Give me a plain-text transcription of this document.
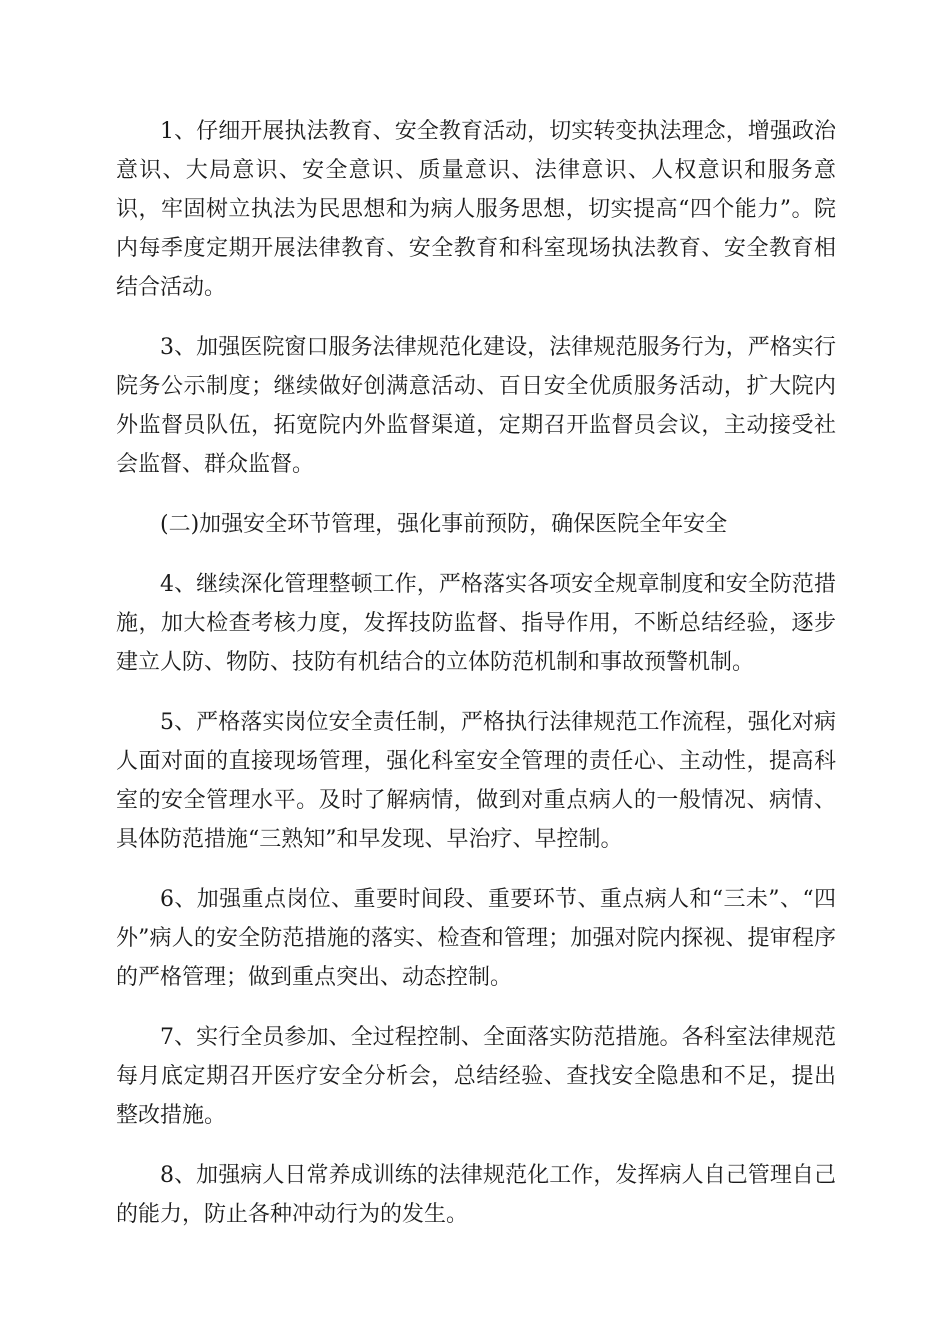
1、仔细开展执法教育、安全教育活动，切实转变执法理念，增强政治意识、大局意识、安全意识、质量意识、法律意识、人权意识和服务意识，牢固树立执法为民思想和为病人服务思想，切实提高“四个能力”。院内每季度定期开展法律教育、安全教育和科室现场执法教育、安全教育相结合活动。

3、加强医院窗口服务法律规范化建设，法律规范服务行为，严格实行院务公示制度；继续做好创满意活动、百日安全优质服务活动，扩大院内外监督员队伍，拓宽院内外监督渠道，定期召开监督员会议，主动接受社会监督、群众监督。

(二)加强安全环节管理，强化事前预防，确保医院全年安全

4、继续深化管理整顿工作，严格落实各项安全规章制度和安全防范措施，加大检查考核力度，发挥技防监督、指导作用，不断总结经验，逐步建立人防、物防、技防有机结合的立体防范机制和事故预警机制。

5、严格落实岗位安全责任制，严格执行法律规范工作流程，强化对病人面对面的直接现场管理，强化科室安全管理的责任心、主动性，提高科室的安全管理水平。及时了解病情，做到对重点病人的一般情况、病情、具体防范措施“三熟知”和早发现、早治疗、早控制。

6、加强重点岗位、重要时间段、重要环节、重点病人和“三未”、“四外”病人的安全防范措施的落实、检查和管理；加强对院内探视、提审程序的严格管理；做到重点突出、动态控制。

7、实行全员参加、全过程控制、全面落实防范措施。各科室法律规范每月底定期召开医疗安全分析会，总结经验、查找安全隐患和不足，提出整改措施。

8、加强病人日常养成训练的法律规范化工作，发挥病人自己管理自己的能力，防止各种冲动行为的发生。
